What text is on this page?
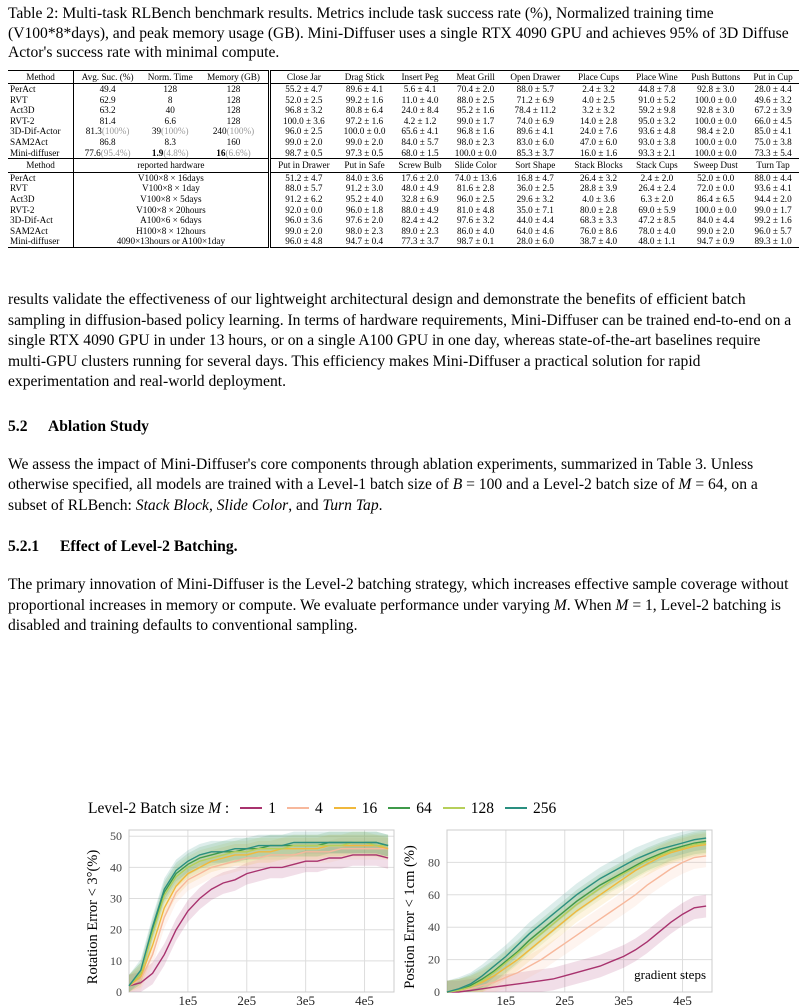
Table 2: Multi-task RLBench benchmark results. Metrics include task success rate (%), Normalized training time (V100*8*days), and peak memory usage (GB). Mini-Diffuser uses a single RTX 4090 GPU and achieves 95% of 3D Diffuse Actor's success rate with minimal compute.
Method	Avg. Suc. (%)	Norm. Time	Memory (GB)	Close Jar	Drag Stick	Insert Peg	Meat Grill	Open Drawer	Place Cups	Place Wine	Push Buttons	Put in Cup
PerAct	49.4	128	128	55.2 ± 4.7	89.6 ± 4.1	5.6 ± 4.1	70.4 ± 2.0	88.0 ± 5.7	2.4 ± 3.2	44.8 ± 7.8	92.8 ± 3.0	28.0 ± 4.4
RVT	62.9	8	128	52.0 ± 2.5	99.2 ± 1.6	11.0 ± 4.0	88.0 ± 2.5	71.2 ± 6.9	4.0 ± 2.5	91.0 ± 5.2	100.0 ± 0.0	49.6 ± 3.2
Act3D	63.2	40	128	96.8 ± 3.2	80.8 ± 6.4	24.0 ± 8.4	95.2 ± 1.6	78.4 ± 11.2	3.2 ± 3.2	59.2 ± 9.8	92.8 ± 3.0	67.2 ± 3.9
RVT-2	81.4	6.6	128	100.0 ± 3.6	97.2 ± 1.6	4.2 ± 1.2	99.0 ± 1.7	74.0 ± 6.9	14.0 ± 2.8	95.0 ± 3.2	100.0 ± 0.0	66.0 ± 4.5
3D-Dif-Actor	81.3(100%)	39(100%)	240(100%)	96.0 ± 2.5	100.0 ± 0.0	65.6 ± 4.1	96.8 ± 1.6	89.6 ± 4.1	24.0 ± 7.6	93.6 ± 4.8	98.4 ± 2.0	85.0 ± 4.1
SAM2Act	86.8	8.3	160	99.0 ± 2.0	99.0 ± 2.0	84.0 ± 5.7	98.0 ± 2.3	83.0 ± 6.0	47.0 ± 6.0	93.0 ± 3.8	100.0 ± 0.0	75.0 ± 3.8
Mini-diffuser	77.6(95.4%)	1.9(4.8%)	16(6.6%)	98.7 ± 0.5	97.3 ± 0.5	68.0 ± 1.5	100.0 ± 0.0	85.3 ± 3.7	16.0 ± 1.6	93.3 ± 2.1	100.0 ± 0.0	73.3 ± 5.4
Method	reported hardware			Put in Drawer	Put in Safe	Screw Bulb	Slide Color	Sort Shape	Stack Blocks	Stack Cups	Sweep Dust	Turn Tap
PerAct	V100×8 × 16days			51.2 ± 4.7	84.0 ± 3.6	17.6 ± 2.0	74.0 ± 13.6	16.8 ± 4.7	26.4 ± 3.2	2.4 ± 2.0	52.0 ± 0.0	88.0 ± 4.4
RVT	V100×8 × 1day			88.0 ± 5.7	91.2 ± 3.0	48.0 ± 4.9	81.6 ± 2.8	36.0 ± 2.5	28.8 ± 3.9	26.4 ± 2.4	72.0 ± 0.0	93.6 ± 4.1
Act3D	V100×8 × 5days			91.2 ± 6.2	95.2 ± 4.0	32.8 ± 6.9	96.0 ± 2.5	29.6 ± 3.2	4.0 ± 3.6	6.3 ± 2.0	86.4 ± 6.5	94.4 ± 2.0
RVT-2	V100×8 × 20hours			92.0 ± 0.0	96.0 ± 1.8	88.0 ± 4.9	81.0 ± 4.8	35.0 ± 7.1	80.0 ± 2.8	69.0 ± 5.9	100.0 ± 0.0	99.0 ± 1.7
3D-Dif-Act	A100×6 × 6days			96.0 ± 3.6	97.6 ± 2.0	82.4 ± 4.2	97.6 ± 3.2	44.0 ± 4.4	68.3 ± 3.3	47.2 ± 8.5	84.0 ± 4.4	99.2 ± 1.6
SAM2Act	H100×8 × 12hours			99.0 ± 2.0	98.0 ± 2.3	89.0 ± 2.3	86.0 ± 4.0	64.0 ± 4.6	76.0 ± 8.6	78.0 ± 4.0	99.0 ± 2.0	96.0 ± 5.7
Mini-diffuser	4090×13hours or A100×1day			96.0 ± 4.8	94.7 ± 0.4	77.3 ± 3.7	98.7 ± 0.1	28.0 ± 6.0	38.7 ± 4.0	48.0 ± 1.1	94.7 ± 0.9	89.3 ± 1.0
results validate the effectiveness of our lightweight architectural design and demonstrate the benefits of efficient batch sampling in diffusion-based policy learning. In terms of hardware requirements, Mini-Diffuser can be trained end-to-end on a single RTX 4090 GPU in under 13 hours, or on a single A100 GPU in one day, whereas state-of-the-art baselines require multi-GPU clusters running for several days. This efficiency makes Mini-Diffuser a practical solution for rapid experimentation and real-world deployment.
5.2 Ablation Study
We assess the impact of Mini-Diffuser's core components through ablation experiments, summarized in Table 3. Unless otherwise specified, all models are trained with a Level-1 batch size of B = 100 and a Level-2 batch size of M = 64, on a subset of RLBench: Stack Block, Slide Color, and Turn Tap.
5.2.1 Effect of Level-2 Batching.
The primary innovation of Mini-Diffuser is the Level-2 batching strategy, which increases effective sample coverage without proportional increases in memory or compute. We evaluate performance under varying M. When M = 1, Level-2 batching is disabled and training defaults to conventional sampling.
Level-2 Batch size M :	1	4	16	64	128	256
0
10
20
30
40
50
1e5	2e5	3e5	4e5
Rotation Error < 3°(%)
0
20
40
60
80
1e5	2e5	3e5	4e5
Postion Error < 1cm (%)	gradient steps
